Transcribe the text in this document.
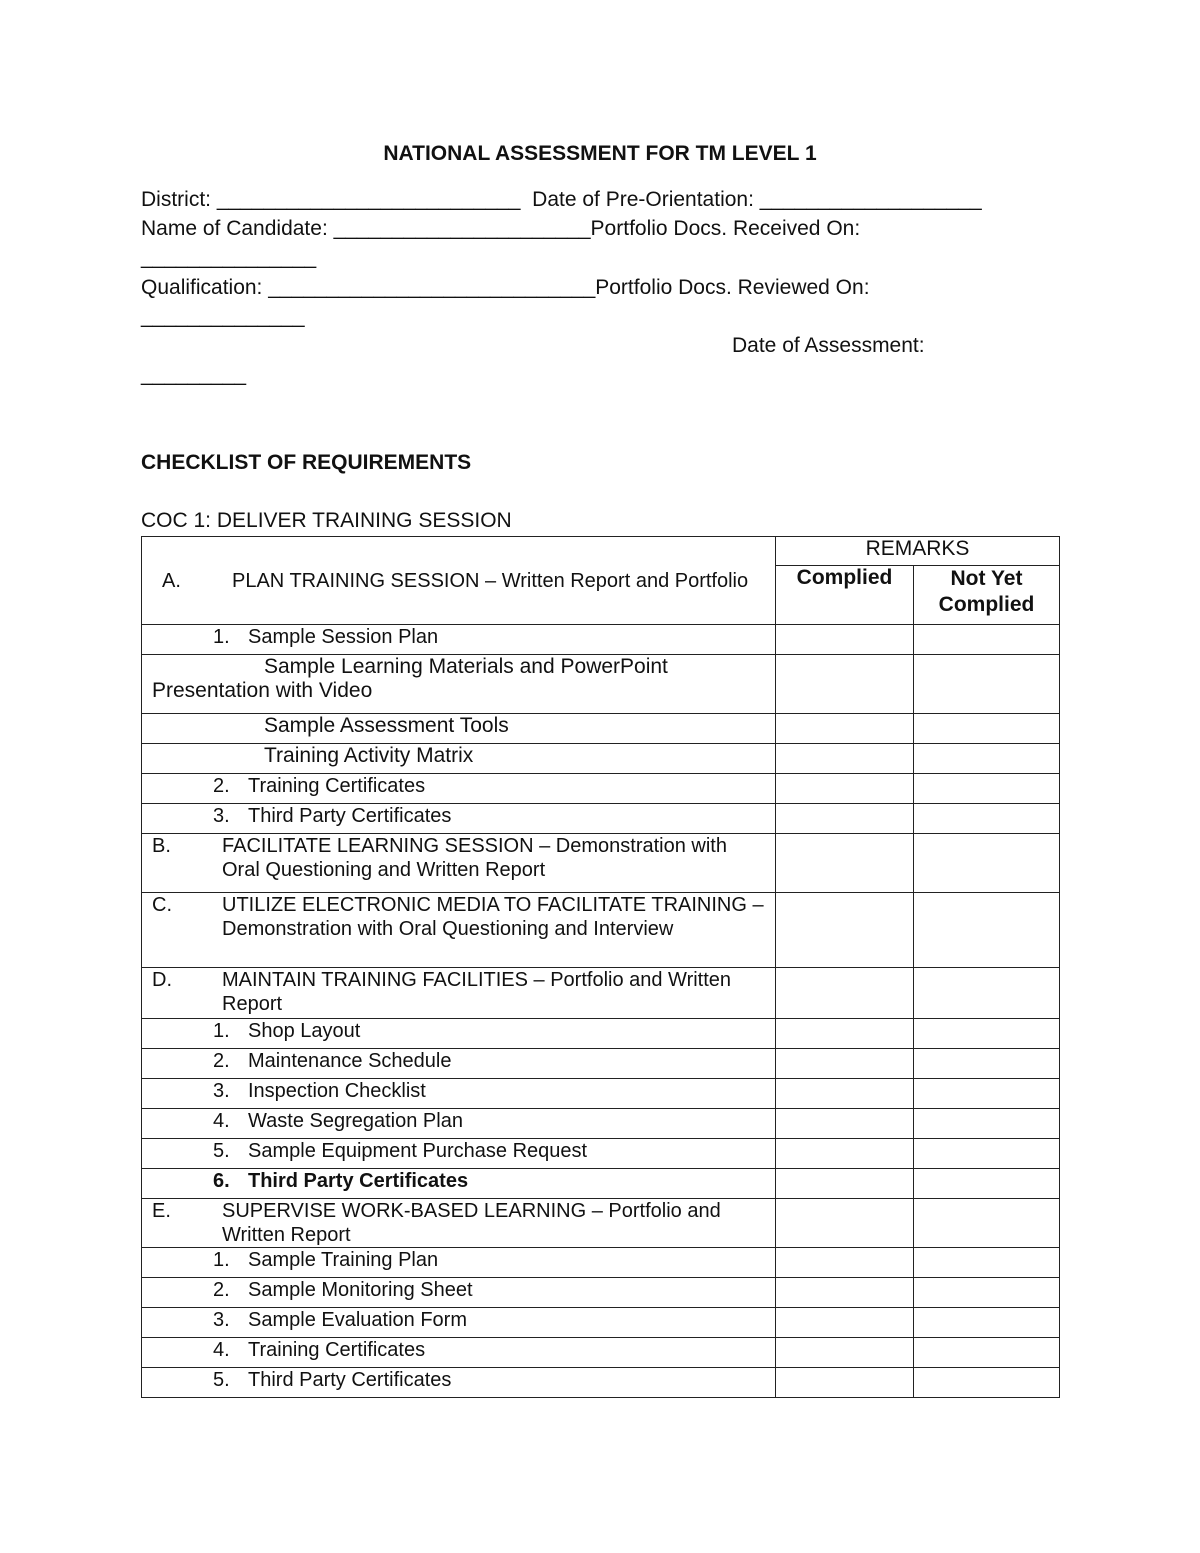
NATIONAL ASSESSMENT FOR TM LEVEL 1
District: __________________________  Date of Pre-Orientation: ___________________
Name of Candidate: ______________________Portfolio Docs. Received On:
_______________
Qualification: ____________________________Portfolio Docs. Reviewed On:
______________
Date of Assessment:
_________
CHECKLIST OF REQUIREMENTS
COC 1: DELIVER TRAINING SESSION
A. PLAN TRAINING SESSION – Written Report and Portfolio	REMARKS	
	Complied	Not Yet Complied
1. Sample Session Plan		

Sample Learning Materials and PowerPoint
Presentation with Video		

Sample Assessment Tools		
Training Activity Matrix		
2. Training Certificates		
3. Third Party Certificates		

B. FACILITATE LEARNING SESSION – Demonstration with Oral Questioning and Written Report		

C. UTILIZE ELECTRONIC MEDIA TO FACILITATE TRAINING – Demonstration with Oral Questioning and Interview		

D. MAINTAIN TRAINING FACILITIES – Portfolio and Written Report		

1. Shop Layout		
2. Maintenance Schedule		
3. Inspection Checklist		
4. Waste Segregation Plan		
5. Sample Equipment Purchase Request		
6. Third Party Certificates		

E. SUPERVISE WORK-BASED LEARNING – Portfolio and Written Report		

1. Sample Training Plan		
2. Sample Monitoring Sheet		
3. Sample Evaluation Form		
4. Training Certificates		
5. Third Party Certificates		
